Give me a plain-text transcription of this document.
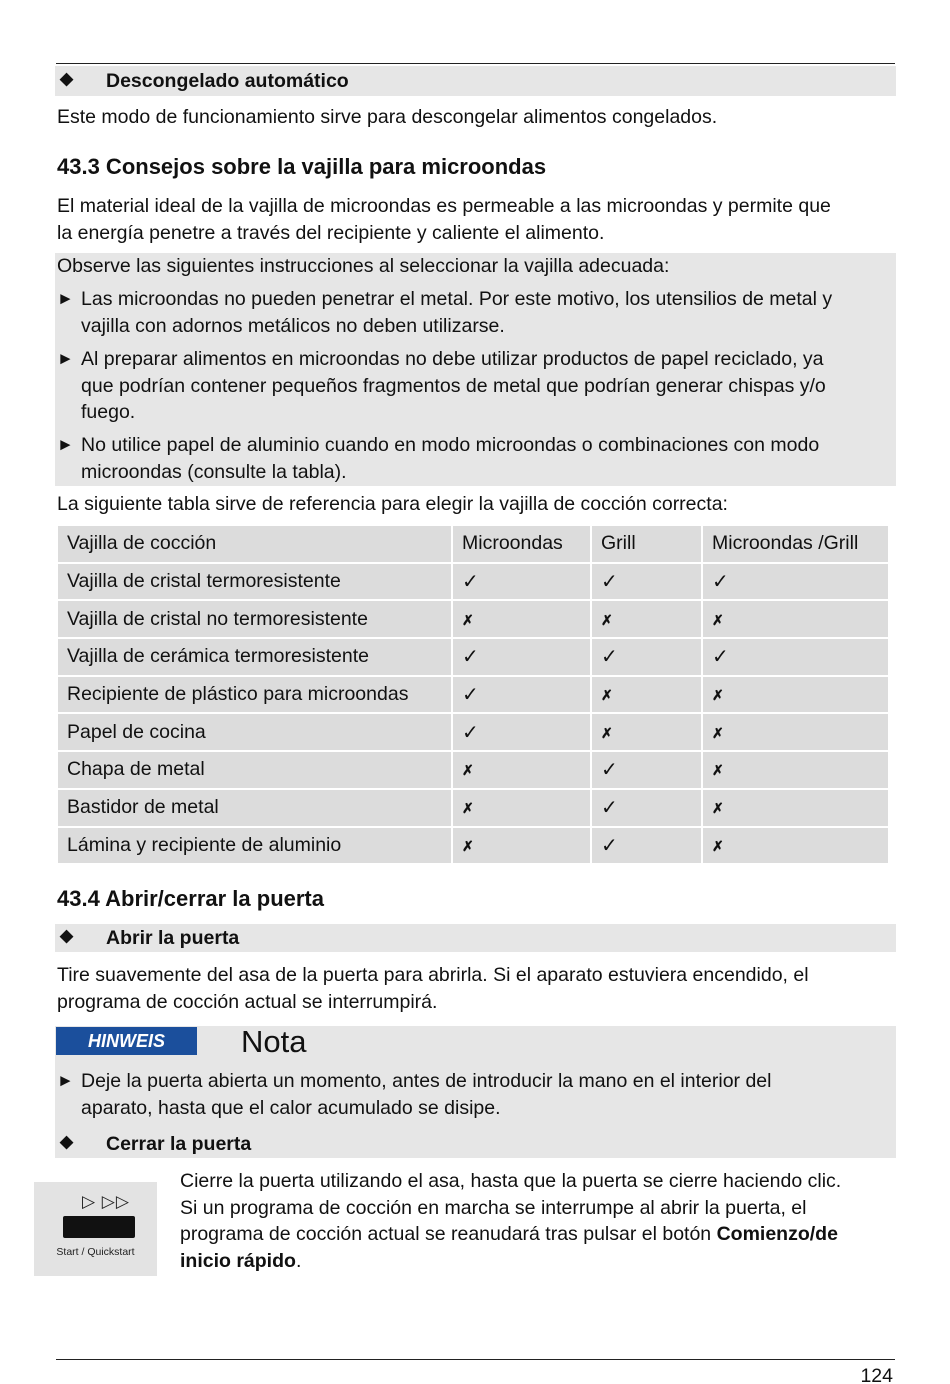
◆ Descongelado automático
Este modo de funcionamiento sirve para descongelar alimentos congelados.
43.3 Consejos sobre la vajilla para microondas
El material ideal de la vajilla de microondas es permeable a las microondas y permite que
la energía penetre a través del recipiente y caliente el alimento.
Observe las siguientes instrucciones al seleccionar la vajilla adecuada:
► Las microondas no pueden penetrar el metal. Por este motivo, los utensilios de metal y
vajilla con adornos metálicos no deben utilizarse.
► Al preparar alimentos en microondas no debe utilizar productos de papel reciclado, ya
que podrían contener pequeños fragmentos de metal que podrían generar chispas y/o
fuego.
► No utilice papel de aluminio cuando en modo microondas o combinaciones con modo
microondas (consulte la tabla).
La siguiente tabla sirve de referencia para elegir la vajilla de cocción correcta:
Vajilla de cocción	Microondas	Grill	Microondas /Grill
Vajilla de cristal termoresistente	✓	✓	✓
Vajilla de cristal no termoresistente	✗	✗	✗
Vajilla de cerámica termoresistente	✓	✓	✓
Recipiente de plástico para microondas	✓	✗	✗
Papel de cocina	✓	✗	✗
Chapa de metal	✗	✓	✗
Bastidor de metal	✗	✓	✗
Lámina y recipiente de aluminio	✗	✓	✗
43.4 Abrir/cerrar la puerta
◆ Abrir la puerta
Tire suavemente del asa de la puerta para abrirla. Si el aparato estuviera encendido, el
programa de cocción actual se interrumpirá.
HINWEIS	Nota
► Deje la puerta abierta un momento, antes de introducir la mano en el interior del
aparato, hasta que el calor acumulado se disipe.
◆ Cerrar la puerta
▷ ▷▷
Start / Quickstart
Cierre la puerta utilizando el asa, hasta que la puerta se cierre haciendo clic.
Si un programa de cocción en marcha se interrumpe al abrir la puerta, el
programa de cocción actual se reanudará tras pulsar el botón Comienzo/de
inicio rápido.
124
